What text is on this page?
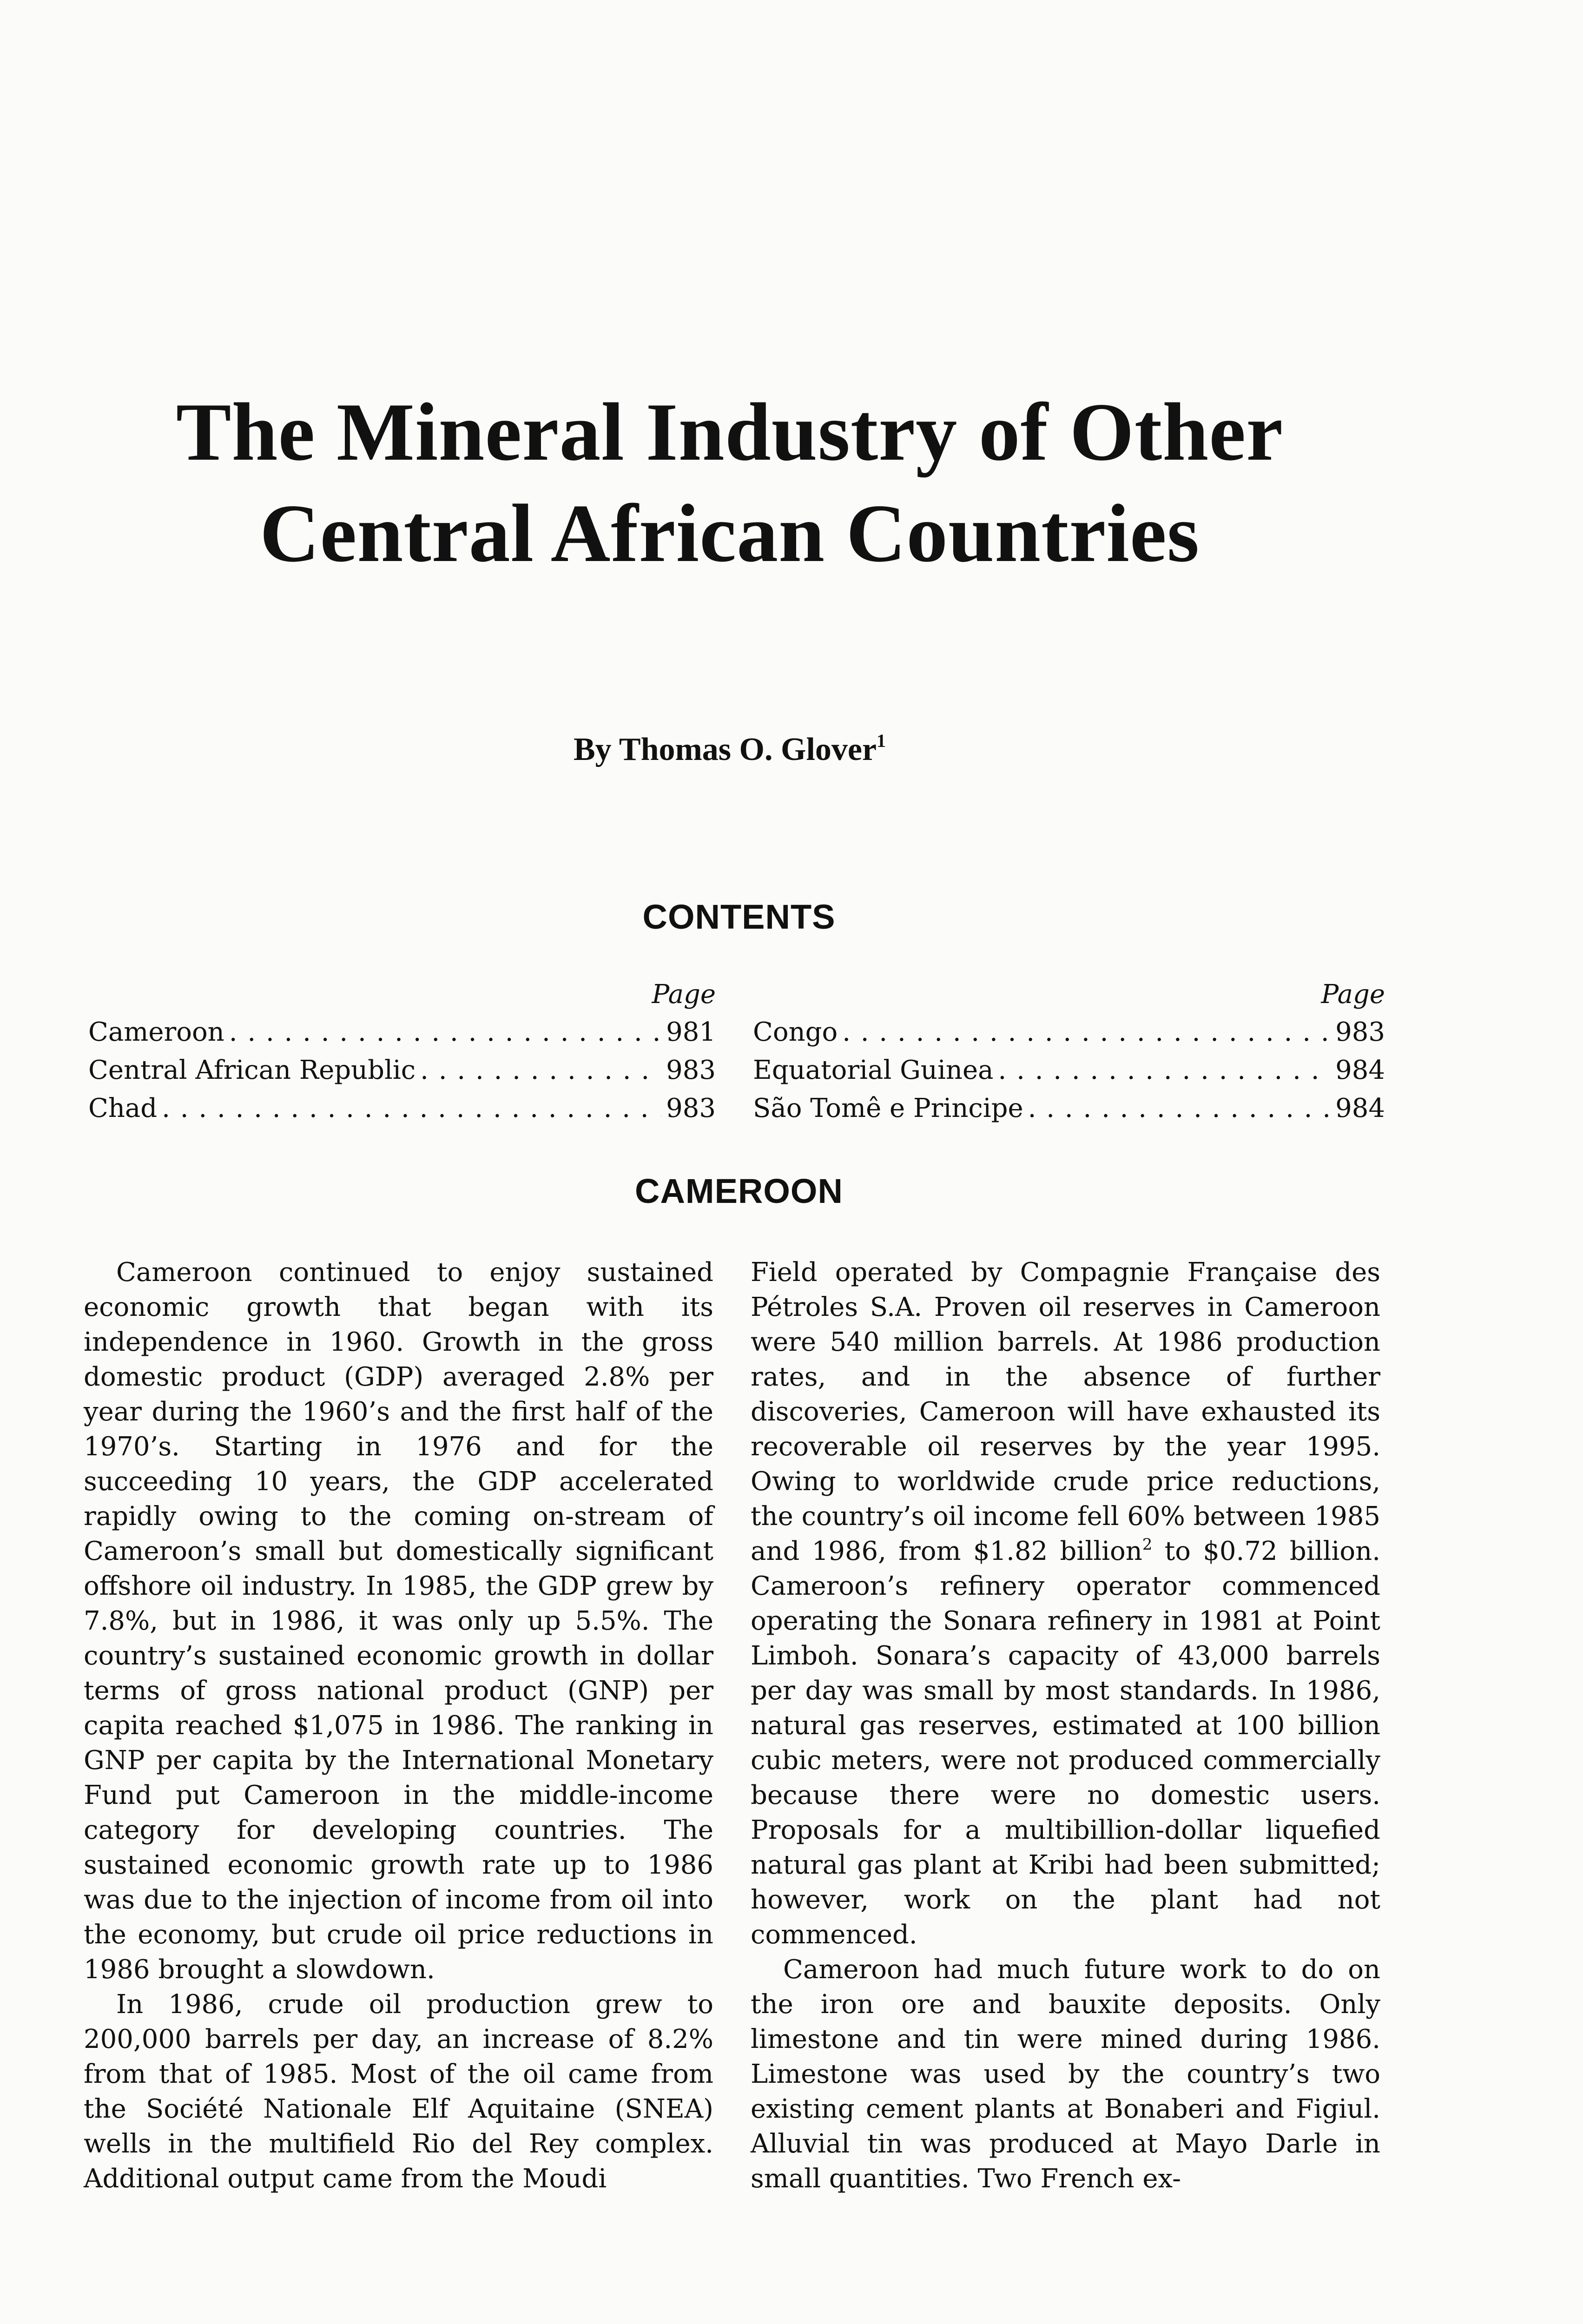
The Mineral Industry of Other Central African Countries
By Thomas O. Glover$^1$
CONTENTS
Page
Cameroon . . .	981
Central African Republic . . .	983
Chad . . .	983
Page
Congo . . .	983
Equatorial Guinea . . .	984
São Tomê e Principe . . .	984
CAMEROON

Cameroon continued to enjoy sustained economic growth that began with its independence in 1960. Growth in the gross domestic product (GDP) averaged 2.8% per year during the 1960’s and the first half of the 1970’s. Starting in 1976 and for the succeeding 10 years, the GDP accelerated rapidly owing to the coming on-stream of Cameroon’s small but domestically significant offshore oil industry. In 1985, the GDP grew by 7.8%, but in 1986, it was only up 5.5%. The country’s sustained economic growth in dollar terms of gross national product (GNP) per capita reached $1,075 in 1986. The ranking in GNP per capita by the International Monetary Fund put Cameroon in the middle-income category for developing countries. The sustained economic growth rate up to 1986 was due to the injection of income from oil into the economy, but crude oil price reductions in 1986 brought a slowdown.

In 1986, crude oil production grew to 200,000 barrels per day, an increase of 8.2% from that of 1985. Most of the oil came from the Société Nationale Elf Aquitaine (SNEA) wells in the multifield Rio del Rey complex. Additional output came from the Moudi

Field operated by Compagnie Française des Pétroles S.A. Proven oil reserves in Cameroon were 540 million barrels. At 1986 production rates, and in the absence of further discoveries, Cameroon will have exhausted its recoverable oil reserves by the year 1995. Owing to worldwide crude price reductions, the country’s oil income fell 60% between 1985 and 1986, from $1.82 billion$^2$ to $0.72 billion. Cameroon’s refinery operator commenced operating the Sonara refinery in 1981 at Point Limboh. Sonara’s capacity of 43,000 barrels per day was small by most standards. In 1986, natural gas reserves, estimated at 100 billion cubic meters, were not produced commercially because there were no domestic users. Proposals for a multibillion-dollar liquefied natural gas plant at Kribi had been submitted; however, work on the plant had not commenced.

Cameroon had much future work to do on the iron ore and bauxite deposits. Only limestone and tin were mined during 1986. Limestone was used by the country’s two existing cement plants at Bonaberi and Figiul. Alluvial tin was produced at Mayo Darle in small quantities. Two French ex-
